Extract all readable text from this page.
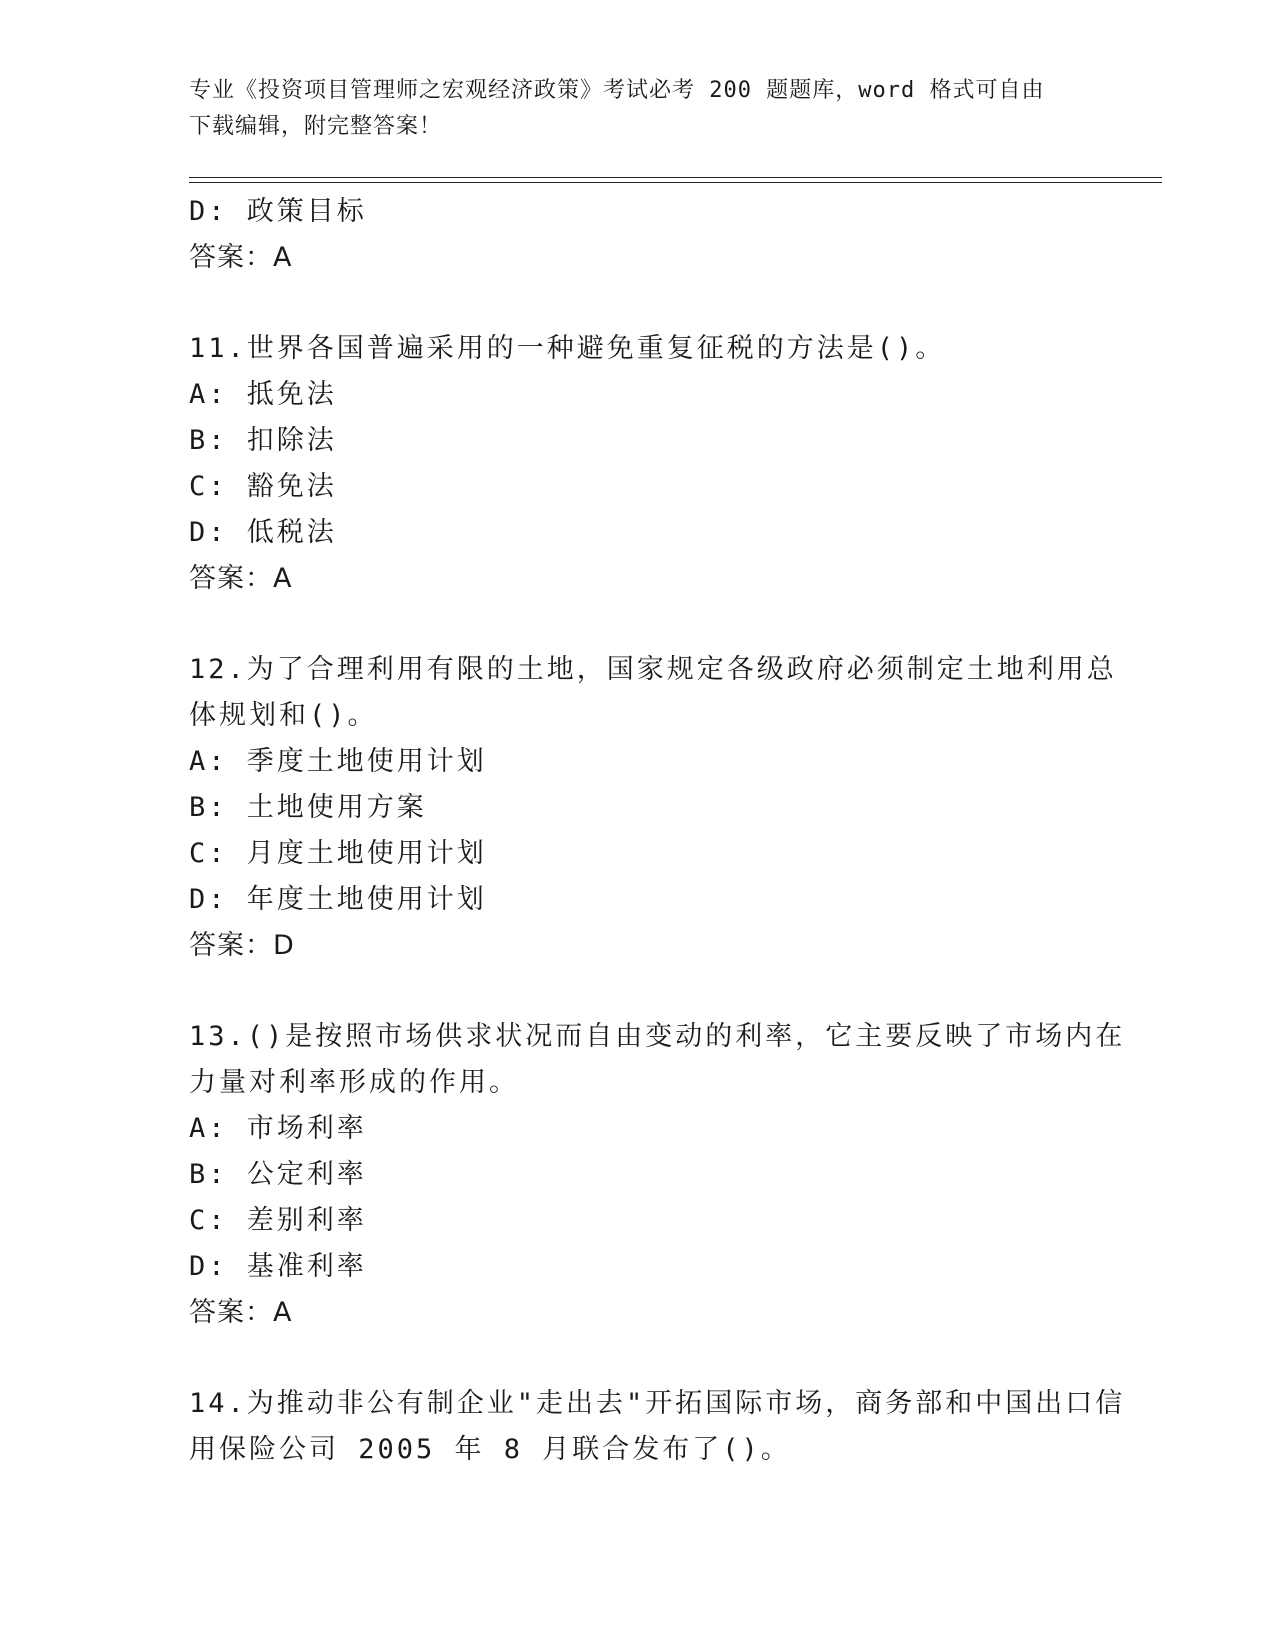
专业《投资项目管理师之宏观经济政策》考试必考 200 题题库，word 格式可自由
下载编辑，附完整答案！
D: 政策目标
答案：A
11.世界各国普遍采用的一种避免重复征税的方法是()。
A: 抵免法
B: 扣除法
C: 豁免法
D: 低税法
答案：A
12.为了合理利用有限的土地，国家规定各级政府必须制定土地利用总
体规划和()。
A: 季度土地使用计划
B: 土地使用方案
C: 月度土地使用计划
D: 年度土地使用计划
答案：D
13.()是按照市场供求状况而自由变动的利率，它主要反映了市场内在
力量对利率形成的作用。
A: 市场利率
B: 公定利率
C: 差别利率
D: 基准利率
答案：A
14.为推动非公有制企业"走出去"开拓国际市场，商务部和中国出口信
用保险公司 2005 年 8 月联合发布了()。
